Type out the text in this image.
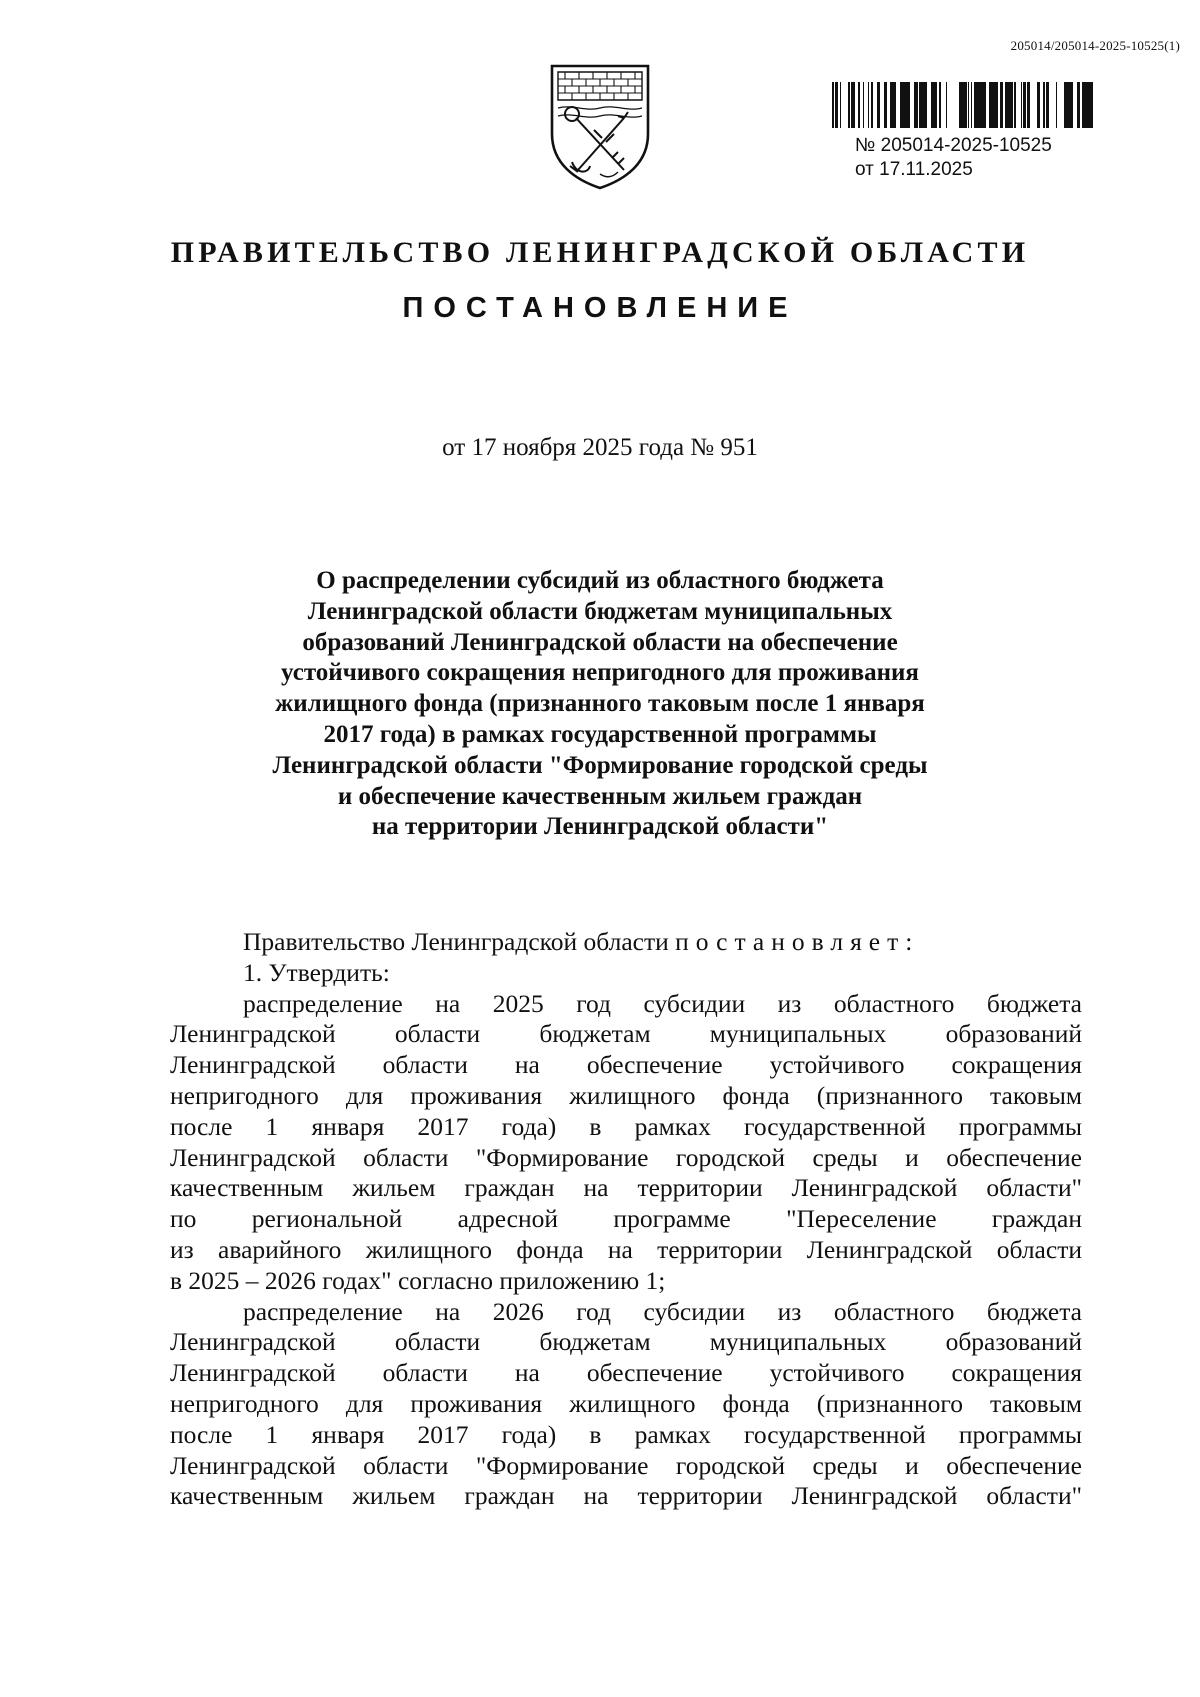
205014/205014-2025-10525(1)
№ 205014-2025-10525
от 17.11.2025
ПРАВИТЕЛЬСТВО ЛЕНИНГРАДСКОЙ ОБЛАСТИ
ПОСТАНОВЛЕНИЕ
от 17 ноября 2025 года № 951
О распределении субсидий из областного бюджета
Ленинградской области бюджетам муниципальных
образований Ленинградской области на обеспечение
устойчивого сокращения непригодного для проживания
жилищного фонда (признанного таковым после 1 января
2017 года) в рамках государственной программы
Ленинградской области "Формирование городской среды
и обеспечение качественным жильем граждан
на территории Ленинградской области"
Правительство Ленинградской области постановляет:
1. Утвердить:
распределение на 2025 год субсидии из областного бюджета
Ленинградской области бюджетам муниципальных образований
Ленинградской области на обеспечение устойчивого сокращения
непригодного для проживания жилищного фонда (признанного таковым
после 1 января 2017 года) в рамках государственной программы
Ленинградской области "Формирование городской среды и обеспечение
качественным жильем граждан на территории Ленинградской области"
по региональной адресной программе "Переселение граждан
из аварийного жилищного фонда на территории Ленинградской области
в 2025 – 2026 годах" согласно приложению 1;
распределение на 2026 год субсидии из областного бюджета
Ленинградской области бюджетам муниципальных образований
Ленинградской области на обеспечение устойчивого сокращения
непригодного для проживания жилищного фонда (признанного таковым
после 1 января 2017 года) в рамках государственной программы
Ленинградской области "Формирование городской среды и обеспечение
качественным жильем граждан на территории Ленинградской области"
